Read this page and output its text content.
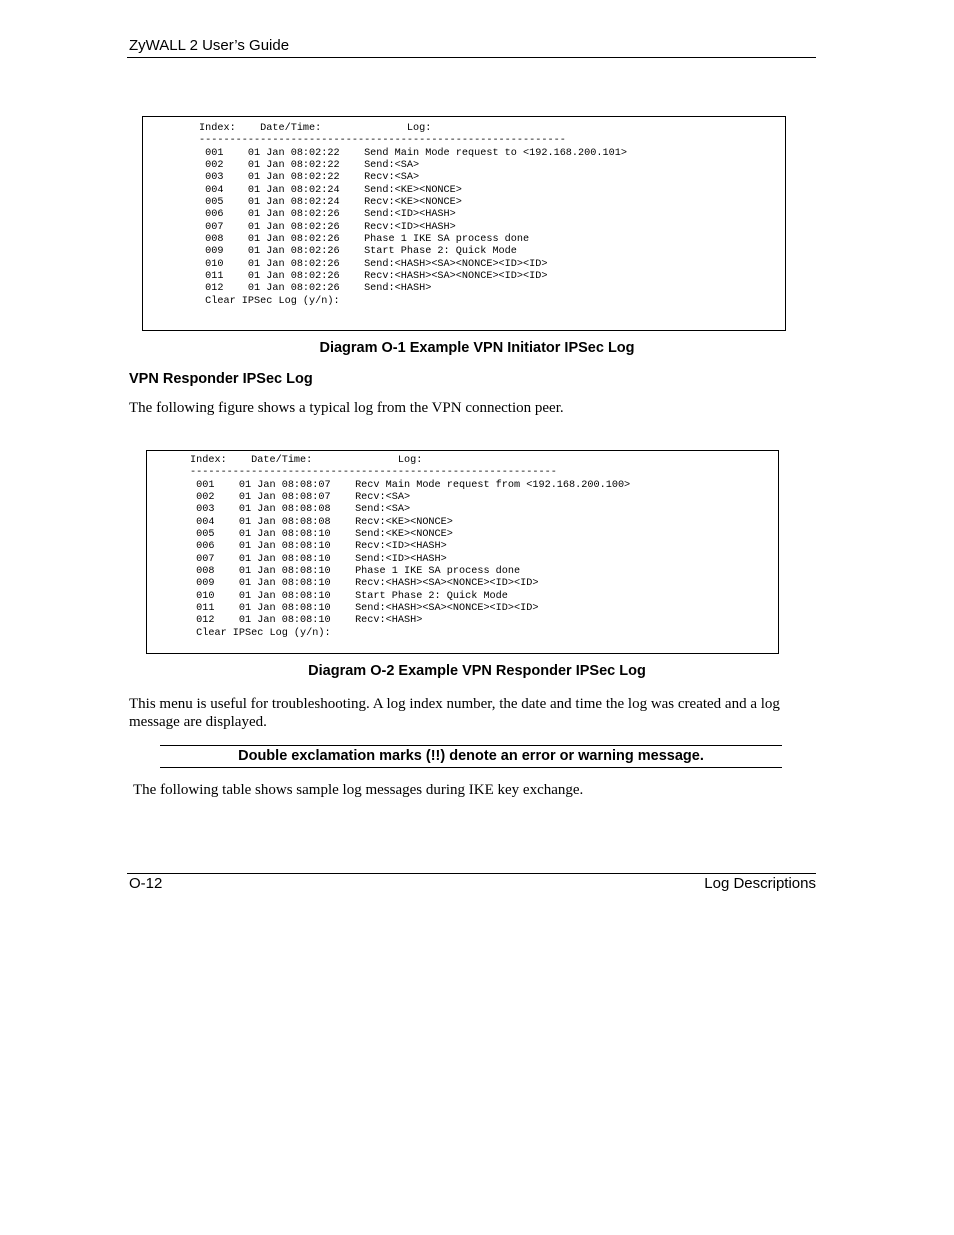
ZyWALL 2 User’s Guide
Index:    Date/Time:              Log:
------------------------------------------------------------
001    01 Jan 08:02:22    Send Main Mode request to <192.168.200.101>
002    01 Jan 08:02:22    Send:<SA>
003    01 Jan 08:02:22    Recv:<SA>
004    01 Jan 08:02:24    Send:<KE><NONCE>
005    01 Jan 08:02:24    Recv:<KE><NONCE>
006    01 Jan 08:02:26    Send:<ID><HASH>
007    01 Jan 08:02:26    Recv:<ID><HASH>
008    01 Jan 08:02:26    Phase 1 IKE SA process done
009    01 Jan 08:02:26    Start Phase 2: Quick Mode
010    01 Jan 08:02:26    Send:<HASH><SA><NONCE><ID><ID>
011    01 Jan 08:02:26    Recv:<HASH><SA><NONCE><ID><ID>
012    01 Jan 08:02:26    Send:<HASH>
Clear IPSec Log (y/n):
Diagram O-1 Example VPN Initiator IPSec Log
VPN Responder IPSec Log
The following figure shows a typical log from the VPN connection peer.
Index:    Date/Time:              Log:
------------------------------------------------------------
001    01 Jan 08:08:07    Recv Main Mode request from <192.168.200.100>
002    01 Jan 08:08:07    Recv:<SA>
003    01 Jan 08:08:08    Send:<SA>
004    01 Jan 08:08:08    Recv:<KE><NONCE>
005    01 Jan 08:08:10    Send:<KE><NONCE>
006    01 Jan 08:08:10    Recv:<ID><HASH>
007    01 Jan 08:08:10    Send:<ID><HASH>
008    01 Jan 08:08:10    Phase 1 IKE SA process done
009    01 Jan 08:08:10    Recv:<HASH><SA><NONCE><ID><ID>
010    01 Jan 08:08:10    Start Phase 2: Quick Mode
011    01 Jan 08:08:10    Send:<HASH><SA><NONCE><ID><ID>
012    01 Jan 08:08:10    Recv:<HASH>
Clear IPSec Log (y/n):
Diagram O-2 Example VPN Responder IPSec Log
This menu is useful for troubleshooting. A log index number, the date and time the log was created and a log message are displayed.
Double exclamation marks (!!) denote an error or warning message.
The following table shows sample log messages during IKE key exchange.
O-12	Log Descriptions
